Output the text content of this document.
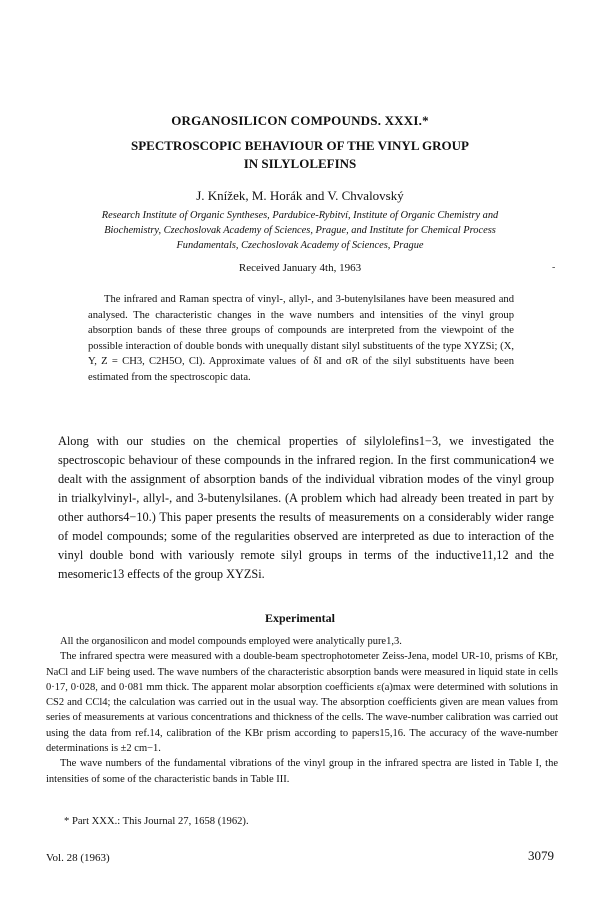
ORGANOSILICON COMPOUNDS. XXXI.*
SPECTROSCOPIC BEHAVIOUR OF THE VINYL GROUP
IN SILYLOLEFINS
J. Knížek, M. Horák and V. Chvalovský
Research Institute of Organic Syntheses, Pardubice-Rybitví, Institute of Organic Chemistry and
Biochemistry, Czechoslovak Academy of Sciences, Prague, and Institute for Chemical Process
Fundamentals, Czechoslovak Academy of Sciences, Prague
Received January 4th, 1963	-
The infrared and Raman spectra of vinyl-, allyl-, and 3-butenylsilanes have been measured and analysed. The characteristic changes in the wave numbers and intensities of the vinyl group absorption bands of these three groups of compounds are interpreted from the viewpoint of the possible interaction of double bonds with unequally distant silyl substituents of the type XYZSi; (X, Y, Z = CH3, C2H5O, Cl). Approximate values of δI and σR of the silyl substituents have been estimated from the spectroscopic data.
Along with our studies on the chemical properties of silylolefins1−3, we investigated the spectroscopic behaviour of these compounds in the infrared region. In the first communication4 we dealt with the assignment of absorption bands of the individual vibration modes of the vinyl group in trialkylvinyl-, allyl-, and 3-butenylsilanes. (A problem which had already been treated in part by other authors4−10.) This paper presents the results of measurements on a considerably wider range of model compounds; some of the regularities observed are interpreted as due to interaction of the vinyl double bond with variously remote silyl groups in terms of the inductive11,12 and the mesomeric13 effects of the group XYZSi.
Experimental

All the organosilicon and model compounds employed were analytically pure1,3.

The infrared spectra were measured with a double-beam spectrophotometer Zeiss-Jena, model UR-10, prisms of KBr, NaCl and LiF being used. The wave numbers of the characteristic absorption bands were measured in liquid state in cells 0·17, 0·028, and 0·081 mm thick. The apparent molar absorption coefficients ε(a)max were determined with solutions in CS2 and CCl4; the calculation was carried out in the usual way. The absorption coefficients given are mean values from series of measurements at various concentrations and thickness of the cells. The wave-number calibration was carried out using the data from ref.14, calibration of the KBr prism according to papers15,16. The accuracy of the wave-number determinations is ±2 cm−1.

The wave numbers of the fundamental vibrations of the vinyl group in the infrared spectra are listed in Table I, the intensities of some of the characteristic bands in Table III.

* Part XXX.: This Journal 27, 1658 (1962).
Vol. 28 (1963)	3079
